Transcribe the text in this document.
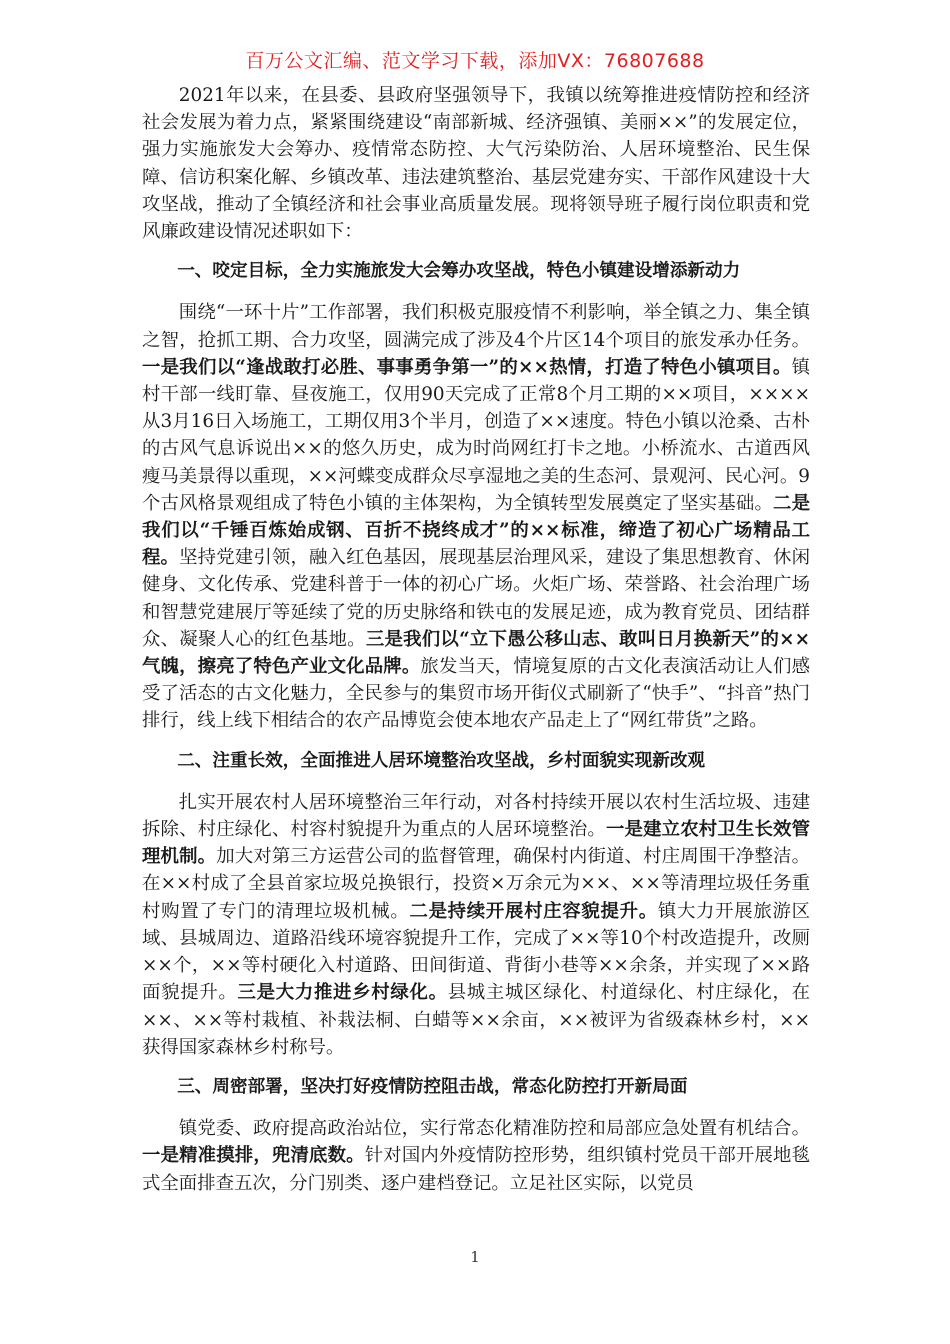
百万公文汇编、范文学习下载，添加VX：76807688

2021年以来，在县委、县政府坚强领导下，我镇以统筹推进疫情防控和经济社会发展为着力点，紧紧围绕建设“南部新城、经济强镇、美丽××”的发展定位，强力实施旅发大会筹办、疫情常态防控、大气污染防治、人居环境整治、民生保障、信访积案化解、乡镇改革、违法建筑整治、基层党建夯实、干部作风建设十大攻坚战，推动了全镇经济和社会事业高质量发展。现将领导班子履行岗位职责和党风廉政建设情况述职如下：

一、咬定目标，全力实施旅发大会筹办攻坚战，特色小镇建设增添新动力

围绕“一环十片”工作部署，我们积极克服疫情不利影响，举全镇之力、集全镇之智，抢抓工期、合力攻坚，圆满完成了涉及4个片区14个项目的旅发承办任务。一是我们以“逢战敢打必胜、事事勇争第一”的××热情，打造了特色小镇项目。镇村干部一线盯靠、昼夜施工，仅用90天完成了正常8个月工期的××项目，××××从3月16日入场施工，工期仅用3个半月，创造了××速度。特色小镇以沧桑、古朴的古风气息诉说出××的悠久历史，成为时尚网红打卡之地。小桥流水、古道西风瘦马美景得以重现，××河蝶变成群众尽享湿地之美的生态河、景观河、民心河。9个古风格景观组成了特色小镇的主体架构，为全镇转型发展奠定了坚实基础。二是我们以“千锤百炼始成钢、百折不挠终成才”的××标准，缔造了初心广场精品工程。坚持党建引领，融入红色基因，展现基层治理风采，建设了集思想教育、休闲健身、文化传承、党建科普于一体的初心广场。火炬广场、荣誉路、社会治理广场和智慧党建展厅等延续了党的历史脉络和铁屯的发展足迹，成为教育党员、团结群众、凝聚人心的红色基地。三是我们以“立下愚公移山志、敢叫日月换新天”的××气魄，擦亮了特色产业文化品牌。旅发当天，情境复原的古文化表演活动让人们感受了活态的古文化魅力，全民参与的集贸市场开街仪式刷新了“快手”、“抖音”热门排行，线上线下相结合的农产品博览会使本地农产品走上了“网红带货”之路。

二、注重长效，全面推进人居环境整治攻坚战，乡村面貌实现新改观

扎实开展农村人居环境整治三年行动，对各村持续开展以农村生活垃圾、违建拆除、村庄绿化、村容村貌提升为重点的人居环境整治。一是建立农村卫生长效管理机制。加大对第三方运营公司的监督管理，确保村内街道、村庄周围干净整洁。在××村成了全县首家垃圾兑换银行，投资×万余元为××、××等清理垃圾任务重村购置了专门的清理垃圾机械。二是持续开展村庄容貌提升。镇大力开展旅游区域、县城周边、道路沿线环境容貌提升工作，完成了××等10个村改造提升，改厕××个，××等村硬化入村道路、田间街道、背街小巷等××余条，并实现了××路面貌提升。三是大力推进乡村绿化。县城主城区绿化、村道绿化、村庄绿化，在××、××等村栽植、补栽法桐、白蜡等××余亩，××被评为省级森林乡村，××获得国家森林乡村称号。

三、周密部署，坚决打好疫情防控阻击战，常态化防控打开新局面

镇党委、政府提高政治站位，实行常态化精准防控和局部应急处置有机结合。一是精准摸排，兜清底数。针对国内外疫情防控形势，组织镇村党员干部开展地毯式全面排查五次，分门别类、逐户建档登记。立足社区实际，以党员

1
